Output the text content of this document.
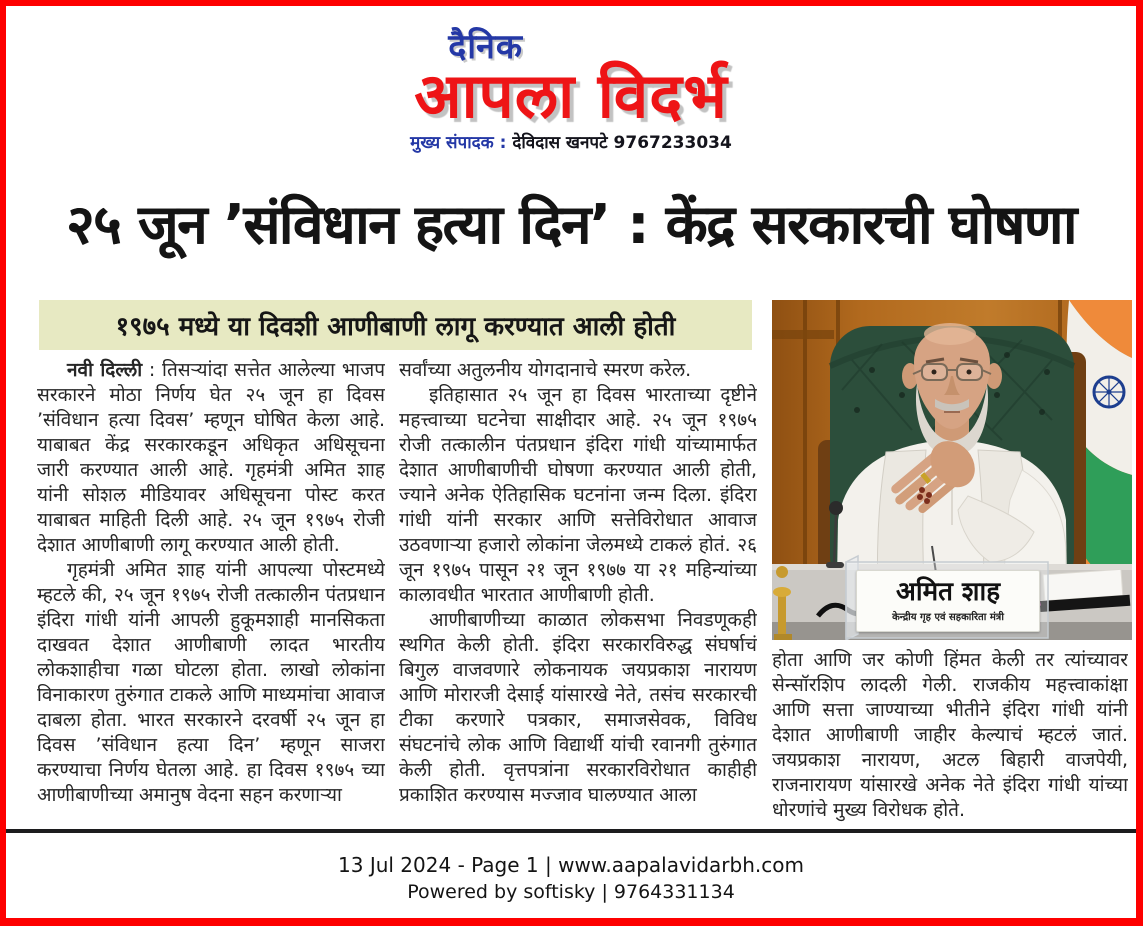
दैनिक
आपला विदर्भ
मुख्य संपादक : देविदास खनपटे 9767233034
२५ जून ’संविधान हत्या दिन’ : केंद्र सरकारची घोषणा
१९७५ मध्ये या दिवशी आणीबाणी लागू करण्यात आली होती

नवी दिल्ली : तिसऱ्यांदा सत्तेत आलेल्या भाजप सरकारने मोठा निर्णय घेत २५ जून हा दिवस ’संविधान हत्या दिवस’ म्हणून घोषित केला आहे. याबाबत केंद्र सरकारकडून अधिकृत अधिसूचना जारी करण्यात आली आहे. गृहमंत्री अमित शाह यांनी सोशल मीडियावर अधिसूचना पोस्ट करत याबाबत माहिती दिली आहे. २५ जून १९७५ रोजी देशात आणीबाणी लागू करण्यात आली होती.

गृहमंत्री अमित शाह यांनी आपल्या पोस्टमध्ये म्हटले की, २५ जून १९७५ रोजी तत्कालीन पंतप्रधान इंदिरा गांधी यांनी आपली हुकूमशाही मानसिकता दाखवत देशात आणीबाणी लादत भारतीय लोकशाहीचा गळा घोटला होता. लाखो लोकांना विनाकारण तुरुंगात टाकले आणि माध्यमांचा आवाज दाबला होता. भारत सरकारने दरवर्षी २५ जून हा दिवस ’संविधान हत्या दिन’ म्हणून साजरा करण्याचा निर्णय घेतला आहे. हा दिवस १९७५ च्या आणीबाणीच्या अमानुष वेदना सहन करणाऱ्या

सर्वांच्या अतुलनीय योगदानाचे स्मरण करेल.

इतिहासात २५ जून हा दिवस भारताच्या दृष्टीने महत्त्वाच्या घटनेचा साक्षीदार आहे. २५ जून १९७५ रोजी तत्कालीन पंतप्रधान इंदिरा गांधी यांच्यामार्फत देशात आणीबाणीची घोषणा करण्यात आली होती, ज्याने अनेक ऐतिहासिक घटनांना जन्म दिला. इंदिरा गांधी यांनी सरकार आणि सत्तेविरोधात आवाज उठवणाऱ्या हजारो लोकांना जेलमध्ये टाकलं होतं. २६ जून १९७५ पासून २१ जून १९७७ या २१ महिन्यांच्या कालावधीत भारतात आणीबाणी होती.

आणीबाणीच्या काळात लोकसभा निवडणूकही स्थगित केली होती. इंदिरा सरकारविरुद्ध संघर्षाचं बिगुल वाजवणारे लोकनायक जयप्रकाश नारायण आणि मोरारजी देसाई यांसारखे नेते, तसंच सरकारची टीका करणारे पत्रकार, समाजसेवक, विविध संघटनांचे लोक आणि विद्यार्थी यांची रवानगी तुरुंगात केली होती. वृत्तपत्रांना सरकारविरोधात काहीही प्रकाशित करण्यास मज्जाव घालण्यात आला

अमित शाह
केन्द्रीय गृह एवं सहकारिता मंत्री

होता आणि जर कोणी हिंमत केली तर त्यांच्यावर सेन्सॉरशिप लादली गेली. राजकीय महत्त्वाकांक्षा आणि सत्ता जाण्याच्या भीतीने इंदिरा गांधी यांनी देशात आणीबाणी जाहीर केल्याचं म्हटलं जातं. जयप्रकाश नारायण, अटल बिहारी वाजपेयी, राजनारायण यांसारखे अनेक नेते इंदिरा गांधी यांच्या धोरणांचे मुख्य विरोधक होते.

13 Jul 2024 - Page 1 | www.aapalavidarbh.com
Powered by softisky | 9764331134
